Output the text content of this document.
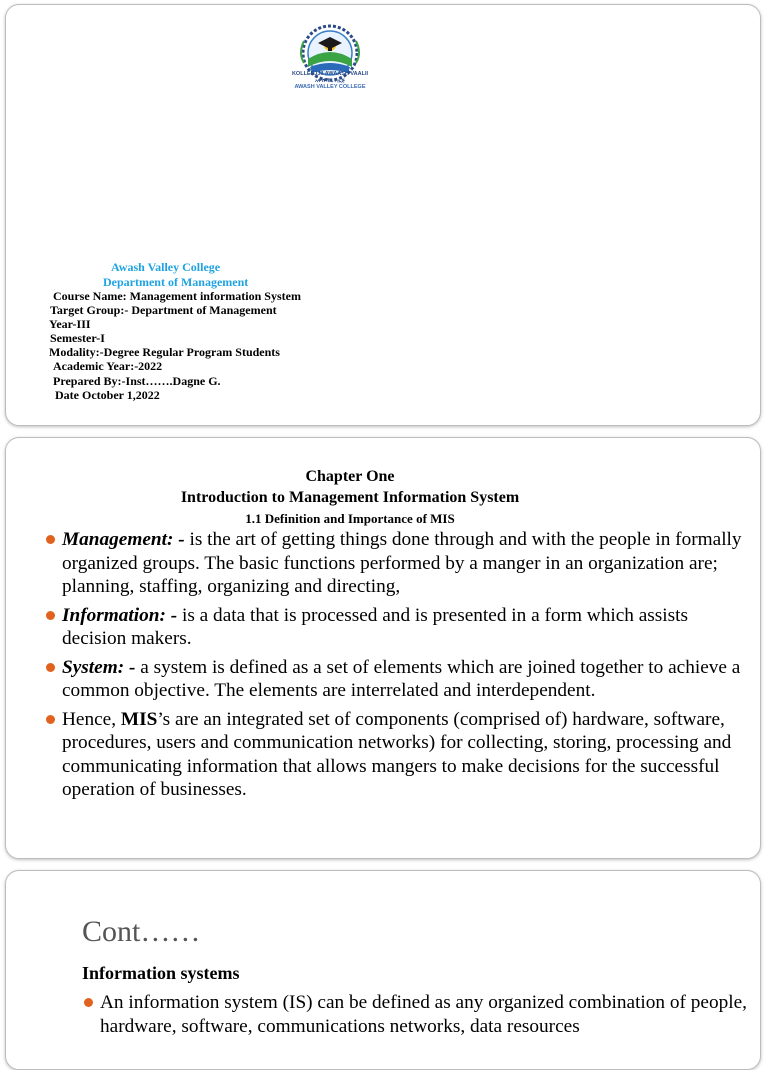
KOLLEEJJII AWAASH VAALII
አዋሽ ቫሊ ኮሌጅ
AWASH VALLEY COLLEGE
Awash Valley College
Department of Management
Course Name: Management information System
Target Group:- Department of Management
Year-III
Semester-I
Modality:-Degree Regular Program Students
Academic Year:-2022
Prepared By:-Inst…….Dagne G.
Date October 1,2022
Chapter One
Introduction to Management Information System
1.1 Definition and Importance of MIS
Management: - is the art of getting things done through and with the people in formally organized groups. The basic functions performed by a manger in an organization are; planning, staffing, organizing and directing,
Information: - is a data that is processed and is presented in a form which assists decision makers.
System: - a system is defined as a set of elements which are joined together to achieve a common objective. The elements are interrelated and interdependent.
Hence, MIS’s are an integrated set of components (comprised of) hardware, software, procedures, users and communication networks) for collecting, storing, processing and communicating information that allows mangers to make decisions for the successful operation of businesses.
Cont……
Information systems
An information system (IS) can be defined as any organized combination of people, hardware, software, communications networks, data resources
